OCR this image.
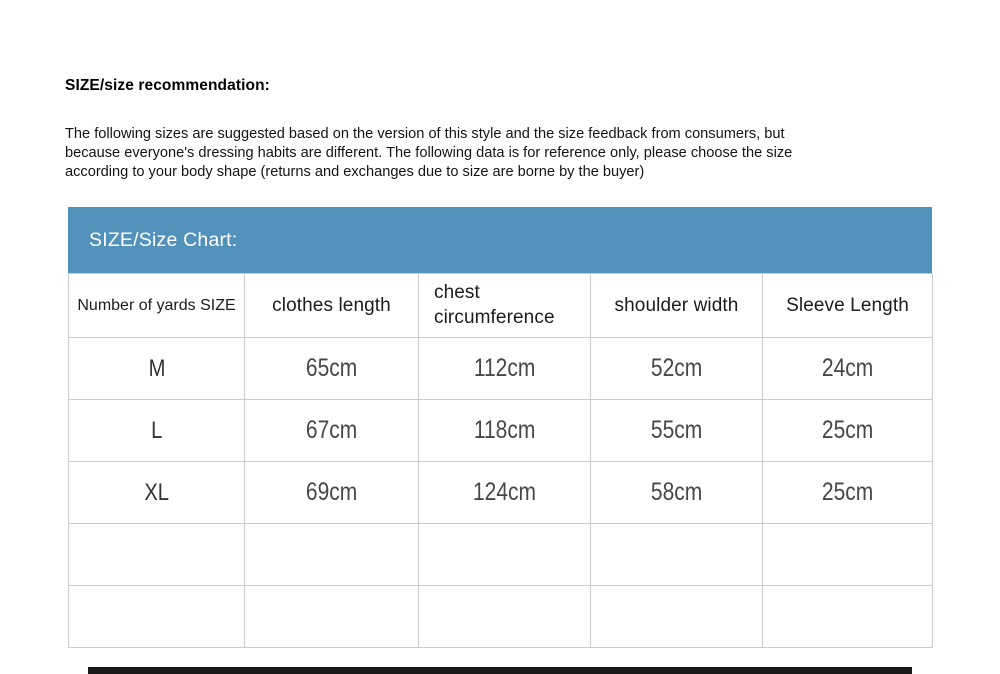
SIZE/size recommendation:
The following sizes are suggested based on the version of this style and the size feedback from consumers, but
because everyone's dressing habits are different. The following data is for reference only, please choose the size
according to your body shape (returns and exchanges due to size are borne by the buyer)
SIZE/Size Chart:
Number of yards SIZE	clothes length	chest circumference	shoulder width	Sleeve Length
M	65cm	112cm	52cm	24cm
L	67cm	118cm	55cm	25cm
XL	69cm	124cm	58cm	25cm
